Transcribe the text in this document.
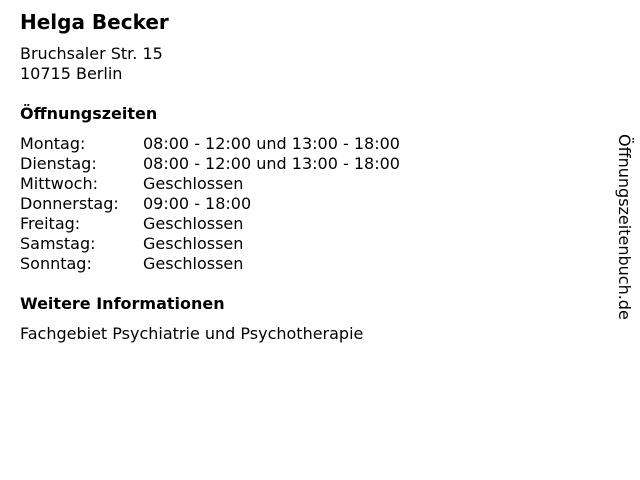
Helga Becker
Bruchsaler Str. 15
10715 Berlin
Öffnungszeiten
Montag:	08:00 - 12:00 und 13:00 - 18:00
Dienstag:	08:00 - 12:00 und 13:00 - 18:00
Mittwoch:	Geschlossen
Donnerstag:	09:00 - 18:00
Freitag:	Geschlossen
Samstag:	Geschlossen
Sonntag:	Geschlossen
Weitere Informationen
Fachgebiet Psychiatrie und Psychotherapie
Öffnungszeitenbuch.de
